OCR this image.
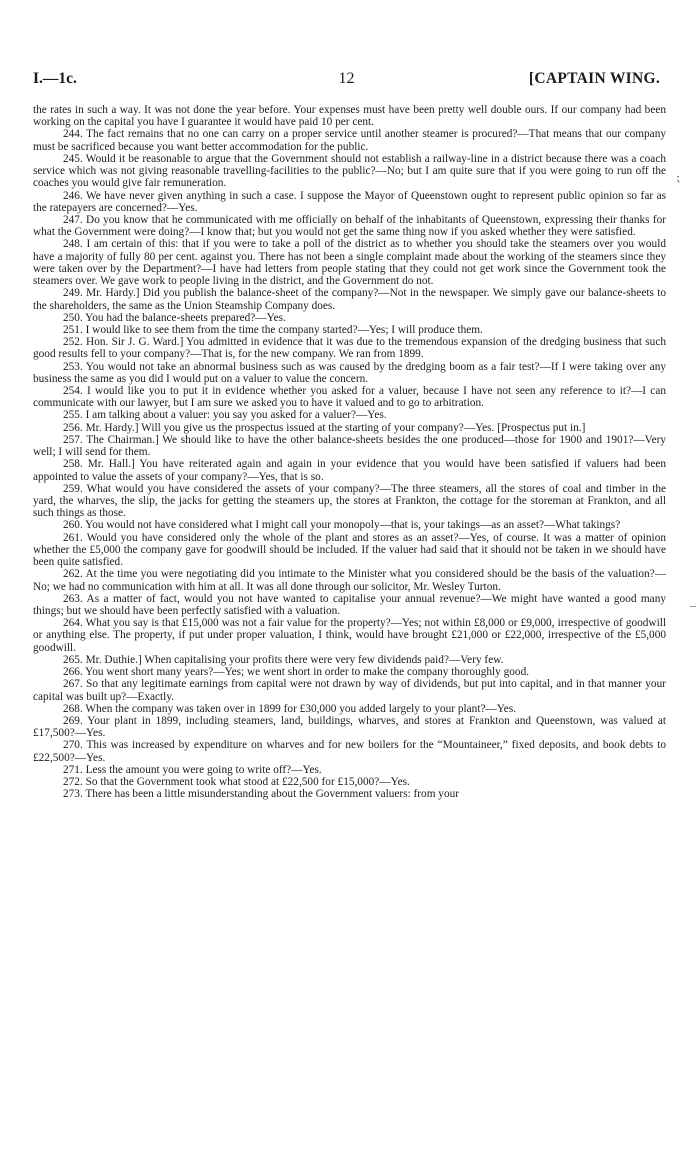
I.—1c.	12	[CAPTAIN WING.
⁏
–

the rates in such a way. It was not done the year before. Your expenses must have been pretty well double ours. If our company had been working on the capital you have I guarantee it would have paid 10 per cent.

244. The fact remains that no one can carry on a proper service until another steamer is procured?—That means that our company must be sacrificed because you want better accommodation for the public.

245. Would it be reasonable to argue that the Government should not establish a railway-line in a district because there was a coach service which was not giving reasonable travelling-facilities to the public?—No; but I am quite sure that if you were going to run off the coaches you would give fair remuneration.

246. We have never given anything in such a case. I suppose the Mayor of Queenstown ought to represent public opinion so far as the ratepayers are concerned?—Yes.

247. Do you know that he communicated with me officially on behalf of the inhabitants of Queenstown, expressing their thanks for what the Government were doing?—I know that; but you would not get the same thing now if you asked whether they were satisfied.

248. I am certain of this: that if you were to take a poll of the district as to whether you should take the steamers over you would have a majority of fully 80 per cent. against you. There has not been a single complaint made about the working of the steamers since they were taken over by the Department?—I have had letters from people stating that they could not get work since the Government took the steamers over. We gave work to people living in the district, and the Government do not.

249. Mr. Hardy.] Did you publish the balance-sheet of the company?—Not in the newspaper. We simply gave our balance-sheets to the shareholders, the same as the Union Steamship Company does.

250. You had the balance-sheets prepared?—Yes.

251. I would like to see them from the time the company started?—Yes; I will produce them.

252. Hon. Sir J. G. Ward.] You admitted in evidence that it was due to the tremendous expansion of the dredging business that such good results fell to your company?—That is, for the new company. We ran from 1899.

253. You would not take an abnormal business such as was caused by the dredging boom as a fair test?—If I were taking over any business the same as you did I would put on a valuer to value the concern.

254. I would like you to put it in evidence whether you asked for a valuer, because I have not seen any reference to it?—I can communicate with our lawyer, but I am sure we asked you to have it valued and to go to arbitration.

255. I am talking about a valuer: you say you asked for a valuer?—Yes.

256. Mr. Hardy.] Will you give us the prospectus issued at the starting of your company?—Yes. [Prospectus put in.]

257. The Chairman.] We should like to have the other balance-sheets besides the one produced—those for 1900 and 1901?—Very well; I will send for them.

258. Mr. Hall.] You have reiterated again and again in your evidence that you would have been satisfied if valuers had been appointed to value the assets of your company?—Yes, that is so.

259. What would you have considered the assets of your company?—The three steamers, all the stores of coal and timber in the yard, the wharves, the slip, the jacks for getting the steamers up, the stores at Frankton, the cottage for the storeman at Frankton, and all such things as those.

260. You would not have considered what I might call your monopoly—that is, your takings—as an asset?—What takings?

261. Would you have considered only the whole of the plant and stores as an asset?—Yes, of course. It was a matter of opinion whether the £5,000 the company gave for goodwill should be included. If the valuer had said that it should not be taken in we should have been quite satisfied.

262. At the time you were negotiating did you intimate to the Minister what you considered should be the basis of the valuation?—No; we had no communication with him at all. It was all done through our solicitor, Mr. Wesley Turton.

263. As a matter of fact, would you not have wanted to capitalise your annual revenue?—We might have wanted a good many things; but we should have been perfectly satisfied with a valuation.

264. What you say is that £15,000 was not a fair value for the property?—Yes; not within £8,000 or £9,000, irrespective of goodwill or anything else. The property, if put under proper valuation, I think, would have brought £21,000 or £22,000, irrespective of the £5,000 goodwill.

265. Mr. Duthie.] When capitalising your profits there were very few dividends paid?—Very few.

266. You went short many years?—Yes; we went short in order to make the company thoroughly good.

267. So that any legitimate earnings from capital were not drawn by way of dividends, but put into capital, and in that manner your capital was built up?—Exactly.

268. When the company was taken over in 1899 for £30,000 you added largely to your plant?—Yes.

269. Your plant in 1899, including steamers, land, buildings, wharves, and stores at Frankton and Queenstown, was valued at £17,500?—Yes.

270. This was increased by expenditure on wharves and for new boilers for the “Mountaineer,” fixed deposits, and book debts to £22,500?—Yes.

271. Less the amount you were going to write off?—Yes.

272. So that the Government took what stood at £22,500 for £15,000?—Yes.

273. There has been a little misunderstanding about the Government valuers: from your
